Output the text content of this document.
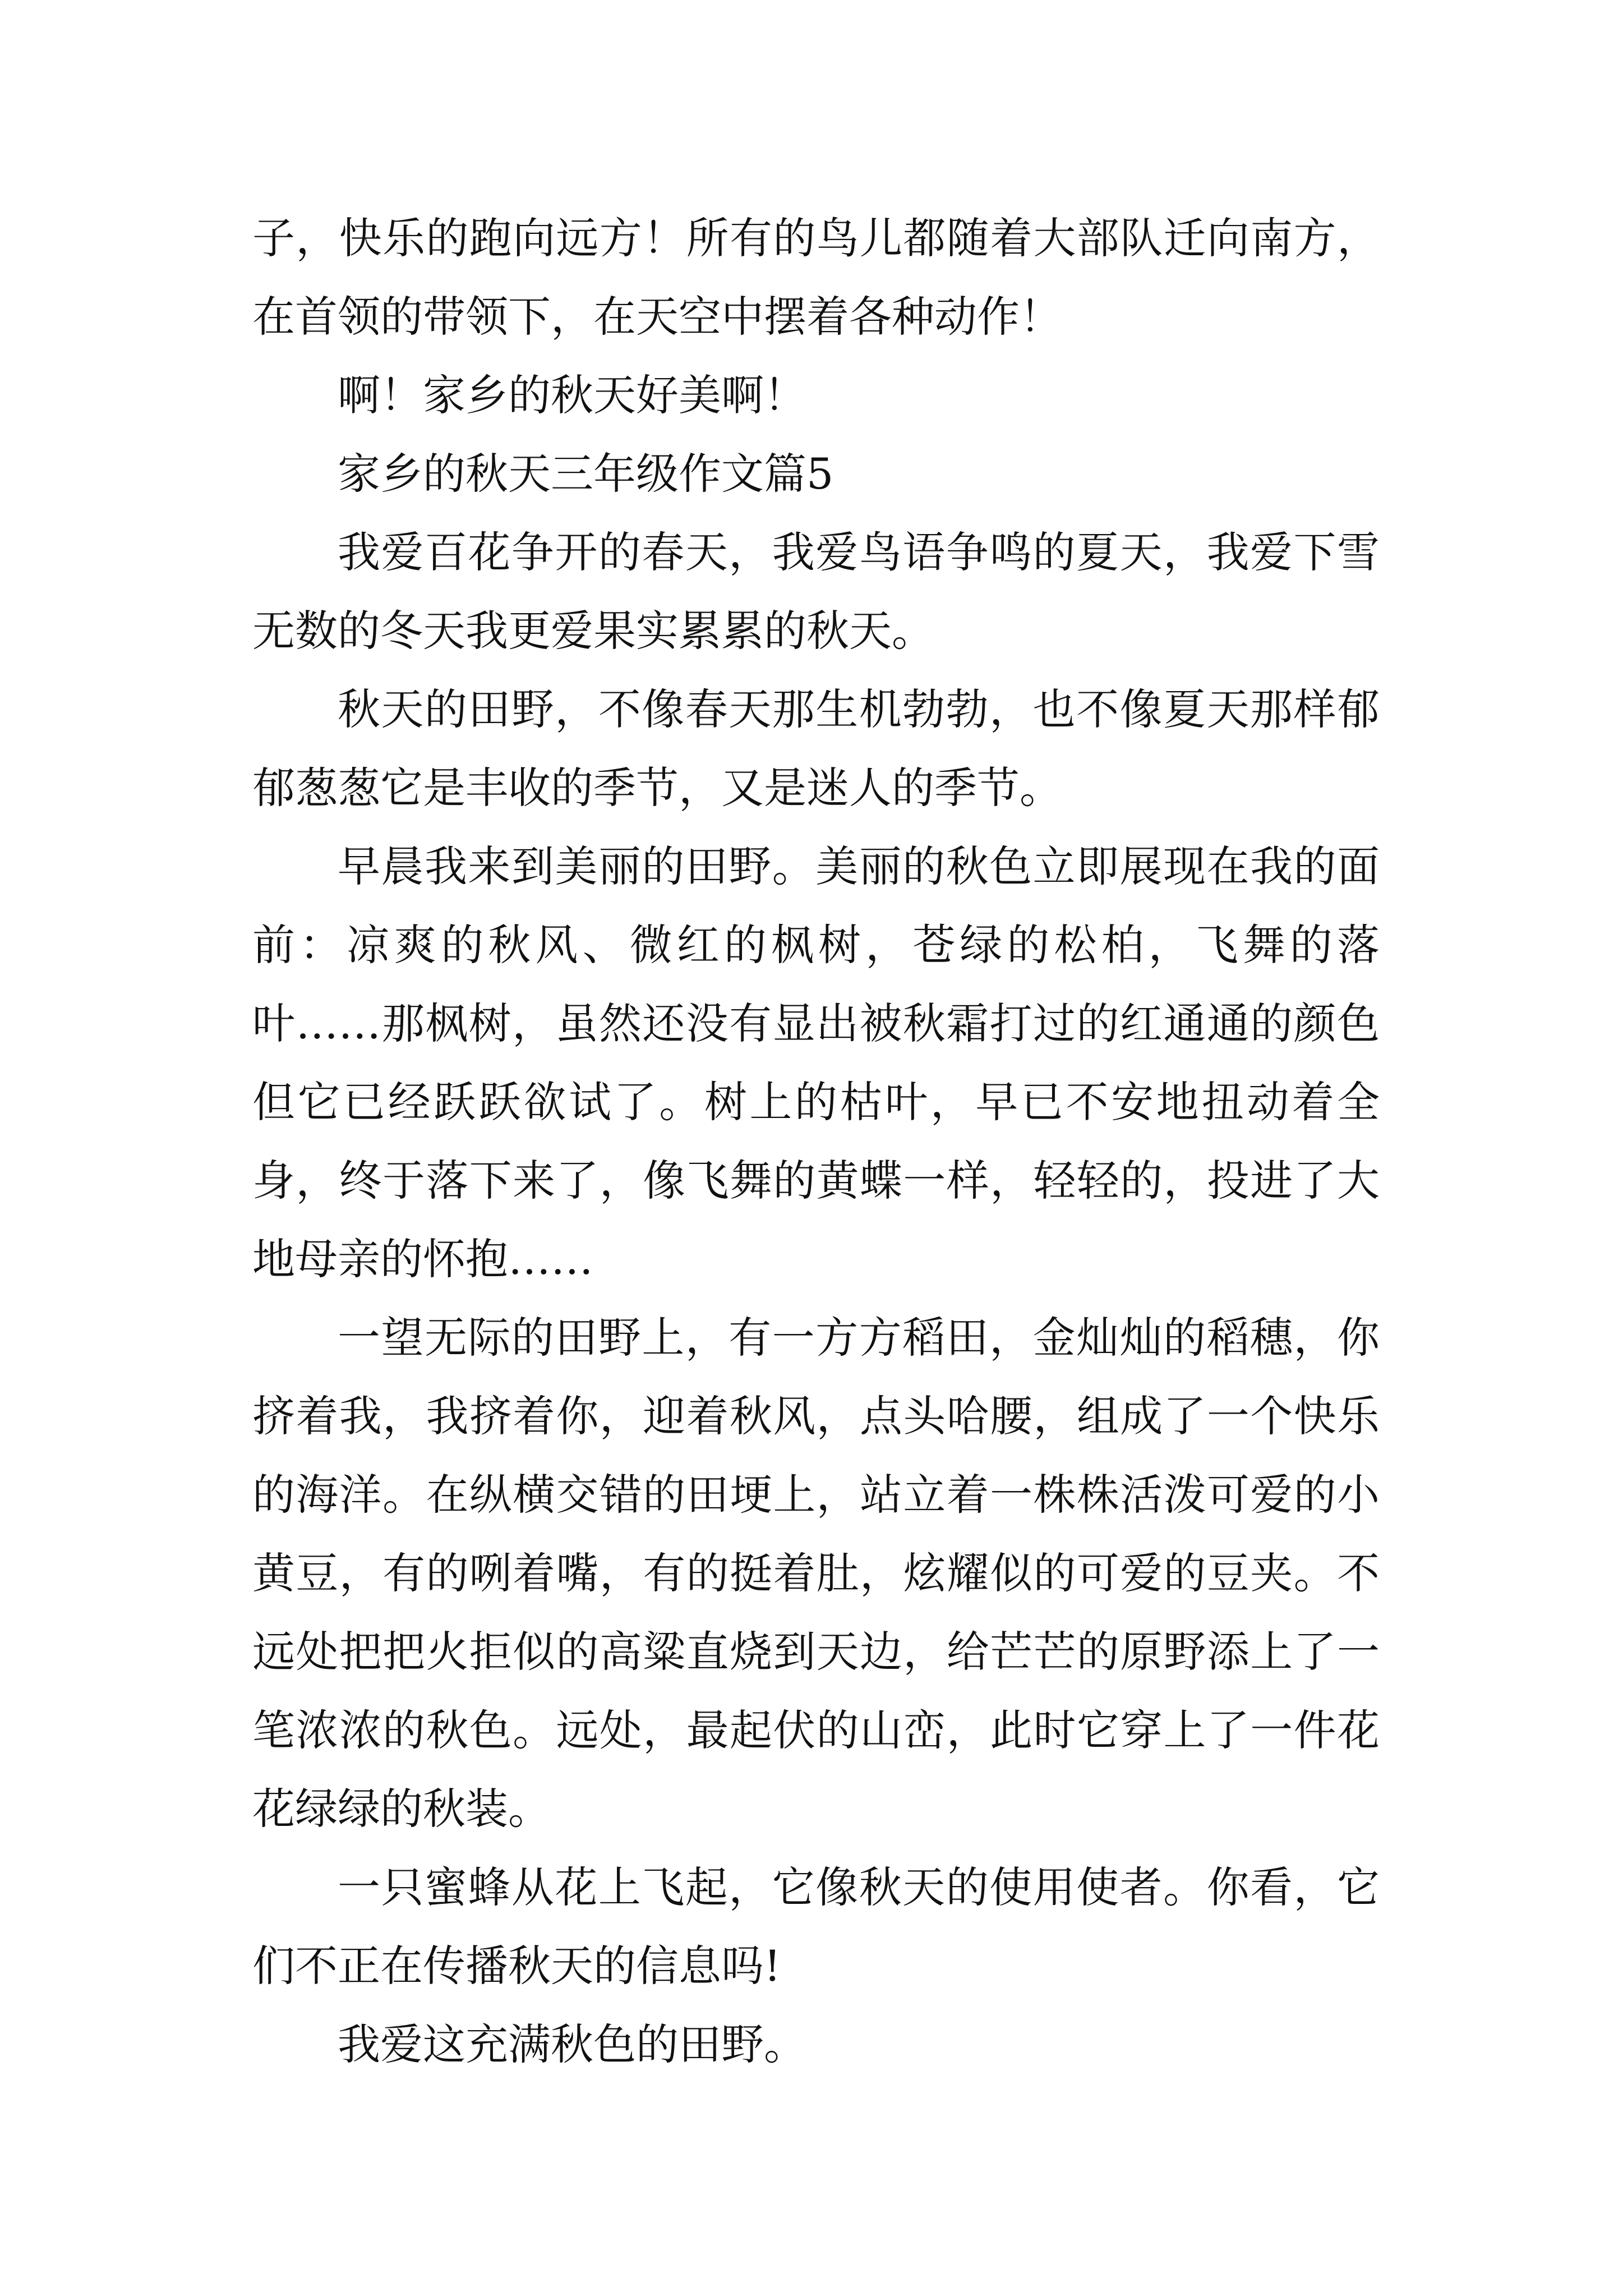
子，快乐的跑向远方！所有的鸟儿都随着大部队迁向南方，在首领的带领下，在天空中摆着各种动作！

啊！家乡的秋天好美啊！

家乡的秋天三年级作文篇5

我爱百花争开的春天，我爱鸟语争鸣的夏天，我爱下雪无数的冬天我更爱果实累累的秋天。

秋天的田野，不像春天那生机勃勃，也不像夏天那样郁郁葱葱它是丰收的季节，又是迷人的季节。

早晨我来到美丽的田野。美丽的秋色立即展现在我的面前：凉爽的秋风、微红的枫树，苍绿的松柏，飞舞的落叶……那枫树，虽然还没有显出被秋霜打过的红通通的颜色但它已经跃跃欲试了。树上的枯叶，早已不安地扭动着全身，终于落下来了，像飞舞的黄蝶一样，轻轻的，投进了大地母亲的怀抱……

一望无际的田野上，有一方方稻田，金灿灿的稻穗，你挤着我，我挤着你，迎着秋风，点头哈腰，组成了一个快乐的海洋。在纵横交错的田埂上，站立着一株株活泼可爱的小黄豆，有的咧着嘴，有的挺着肚，炫耀似的可爱的豆夹。不远处把把火拒似的高粱直烧到天边，给芒芒的原野添上了一笔浓浓的秋色。远处，最起伏的山峦，此时它穿上了一件花花绿绿的秋装。

一只蜜蜂从花上飞起，它像秋天的使用使者。你看，它们不正在传播秋天的信息吗!

我爱这充满秋色的田野。
